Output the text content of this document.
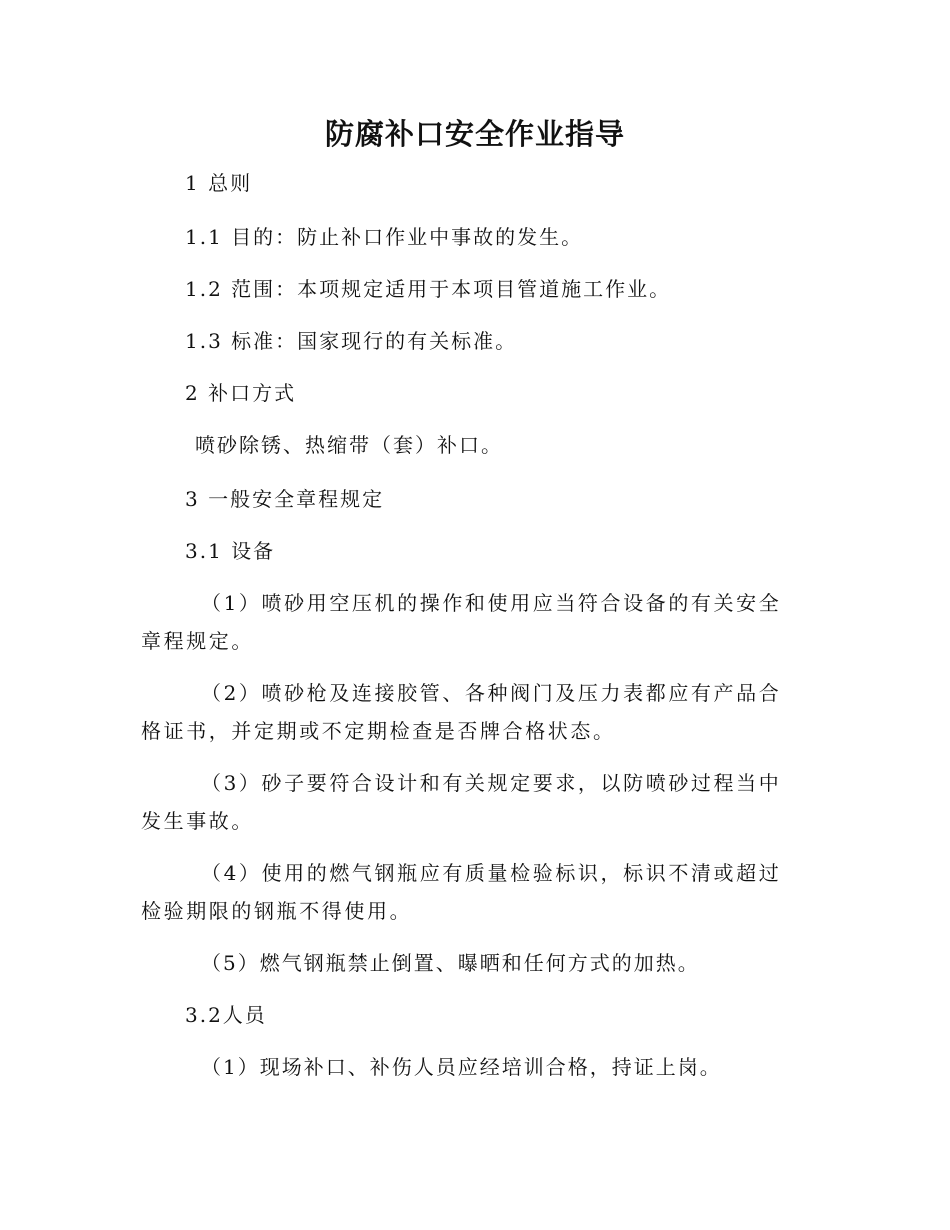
防腐补口安全作业指导
1 总则
1.1 目的：防止补口作业中事故的发生。
1.2 范围：本项规定适用于本项目管道施工作业。
1.3 标准：国家现行的有关标准。
2 补口方式
喷砂除锈、热缩带（套）补口。
3 一般安全章程规定
3.1 设备
（1）喷砂用空压机的操作和使用应当符合设备的有关安全章程规定。
（2）喷砂枪及连接胶管、各种阀门及压力表都应有产品合格证书，并定期或不定期检查是否牌合格状态。
（3）砂子要符合设计和有关规定要求，以防喷砂过程当中发生事故。
（4）使用的燃气钢瓶应有质量检验标识，标识不清或超过检验期限的钢瓶不得使用。
（5）燃气钢瓶禁止倒置、曝晒和任何方式的加热。
3.2人员
（1）现场补口、补伤人员应经培训合格，持证上岗。
